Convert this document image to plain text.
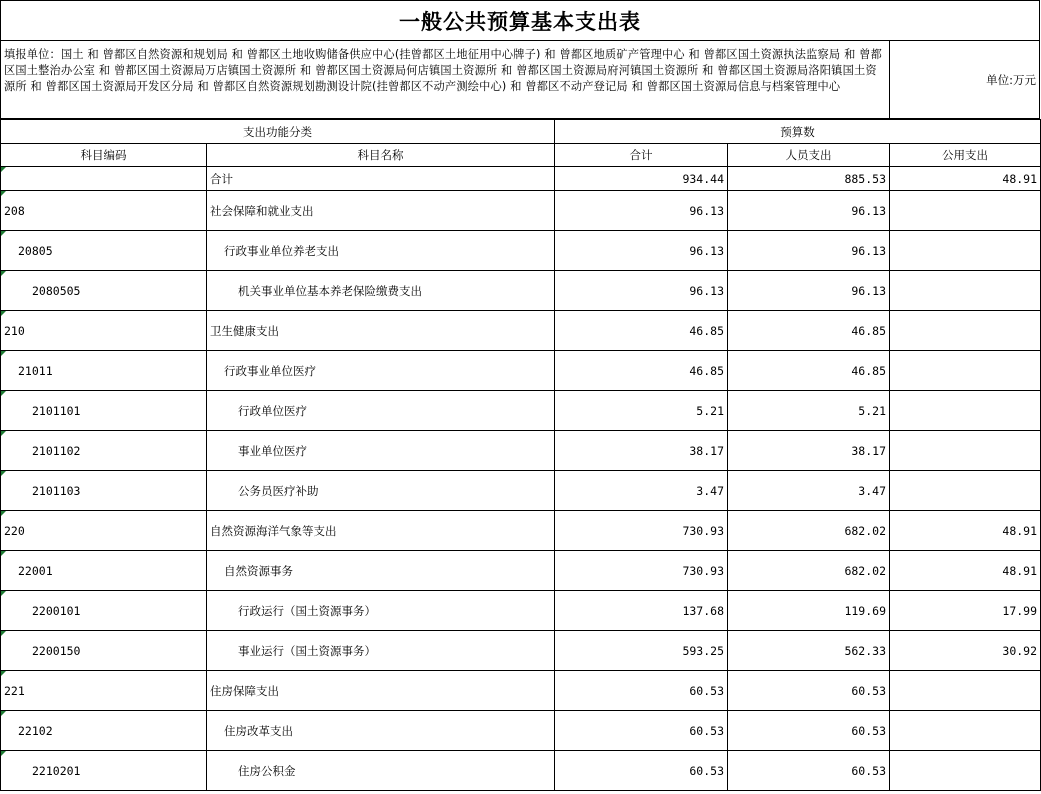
一般公共预算基本支出表
填报单位：国土 和 曾都区自然资源和规划局 和 曾都区土地收购储备供应中心(挂曾都区土地征用中心牌子) 和 曾都区地质矿产管理中心 和 曾都区国土资源执法监察局 和 曾都区国土整治办公室 和 曾都区国土资源局万店镇国土资源所 和 曾都区国土资源局何店镇国土资源所 和 曾都区国土资源局府河镇国土资源所 和 曾都区国土资源局洛阳镇国土资源所 和 曾都区国土资源局开发区分局 和 曾都区自然资源规划勘测设计院(挂曾都区不动产测绘中心) 和 曾都区不动产登记局 和 曾都区国土资源局信息与档案管理中心	单位:万元
支出功能分类		预算数		
科目编码	科目名称	合计	人员支出	公用支出

	合计	934.44	885.53	48.91
208	社会保障和就业支出	96.13	96.13	
20805	行政事业单位养老支出	96.13	96.13	
2080505	机关事业单位基本养老保险缴费支出	96.13	96.13	
210	卫生健康支出	46.85	46.85	
21011	行政事业单位医疗	46.85	46.85	
2101101	行政单位医疗	5.21	5.21	
2101102	事业单位医疗	38.17	38.17	
2101103	公务员医疗补助	3.47	3.47	
220	自然资源海洋气象等支出	730.93	682.02	48.91
22001	自然资源事务	730.93	682.02	48.91
2200101	行政运行（国土资源事务）	137.68	119.69	17.99
2200150	事业运行（国土资源事务）	593.25	562.33	30.92
221	住房保障支出	60.53	60.53	
22102	住房改革支出	60.53	60.53	
2210201	住房公积金	60.53	60.53	
